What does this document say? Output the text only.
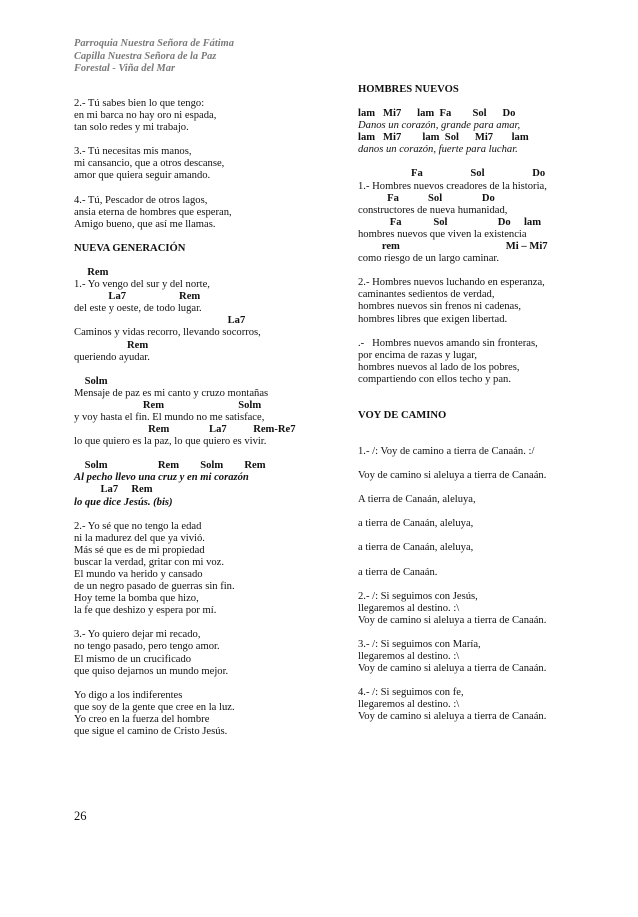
Parroquia Nuestra Señora de Fátima
Capilla Nuestra Señora de la Paz
Forestal - Viña del Mar
2.- Tú sabes bien lo que tengo:
en mi barca no hay oro ni espada,
tan solo redes y mi trabajo.
3.- Tú necesitas mis manos,
mi cansancio, que a otros descanse,
amor que quiera seguir amando.
4.- Tú, Pescador de otros lagos,
ansia eterna de hombres que esperan,
Amigo bueno, que así me llamas.
NUEVA GENERACIÓN
Rem
1.- Yo vengo del sur y del norte,
La7                    Rem
del este y oeste, de todo lugar.
La7
Caminos y vidas recorro, llevando socorros,
Rem
queriendo ayudar.
Solm
Mensaje de paz es mi canto y cruzo montañas
Rem                            Solm
y voy hasta el fin. El mundo no me satisface,
Rem               La7          Rem-Re7
lo que quiero es la paz, lo que quiero es vivir.
Solm                   Rem        Solm        Rem
Al pecho llevo una cruz y en mi corazón
La7     Rem
lo que dice Jesús. (bis)
2.- Yo sé que no tengo la edad
ni la madurez del que ya vivió.
Más sé que es de mi propiedad
buscar la verdad, gritar con mi voz.
El mundo va herido y cansado
de un negro pasado de guerras sin fin.
Hoy teme la bomba que hizo,
la fe que deshizo y espera por mí.
3.- Yo quiero dejar mi recado,
no tengo pasado, pero tengo amor.
El mismo de un crucificado
que quiso dejarnos un mundo mejor.
Yo digo a los indiferentes
que soy de la gente que cree en la luz.
Yo creo en la fuerza del hombre
que sigue el camino de Cristo Jesús.
HOMBRES NUEVOS
lam   Mi7      lam  Fa        Sol      Do
Danos un corazón, grande para amar,
lam   Mi7        lam  Sol      Mi7       lam
danos un corazón, fuerte para luchar.
Fa                  Sol                  Do
1.- Hombres nuevos creadores de la historia,
Fa           Sol               Do
constructores de nueva humanidad,
Fa            Sol                   Do     lam
hombres nuevos que viven la existencia
rem                                        Mi – Mi7
como riesgo de un largo caminar.
2.- Hombres nuevos luchando en esperanza,
caminantes sedientos de verdad,
hombres nuevos sin frenos ni cadenas,
hombres libres que exigen libertad.
.-   Hombres nuevos amando sin fronteras,
por encima de razas y lugar,
hombres nuevos al lado de los pobres,
compartiendo con ellos techo y pan.
VOY DE CAMINO
1.- /: Voy de camino a tierra de Canaán. :/
Voy de camino si aleluya a tierra de Canaán.
A tierra de Canaán, aleluya,
a tierra de Canaán, aleluya,
a tierra de Canaán, aleluya,
a tierra de Canaán.
2.- /: Si seguimos con Jesús,
llegaremos al destino. :\
Voy de camino si aleluya a tierra de Canaán.
3.- /: Si seguimos con María,
llegaremos al destino. :\
Voy de camino si aleluya a tierra de Canaán.
4.- /: Si seguimos con fe,
llegaremos al destino. :\
Voy de camino si aleluya a tierra de Canaán.
26
